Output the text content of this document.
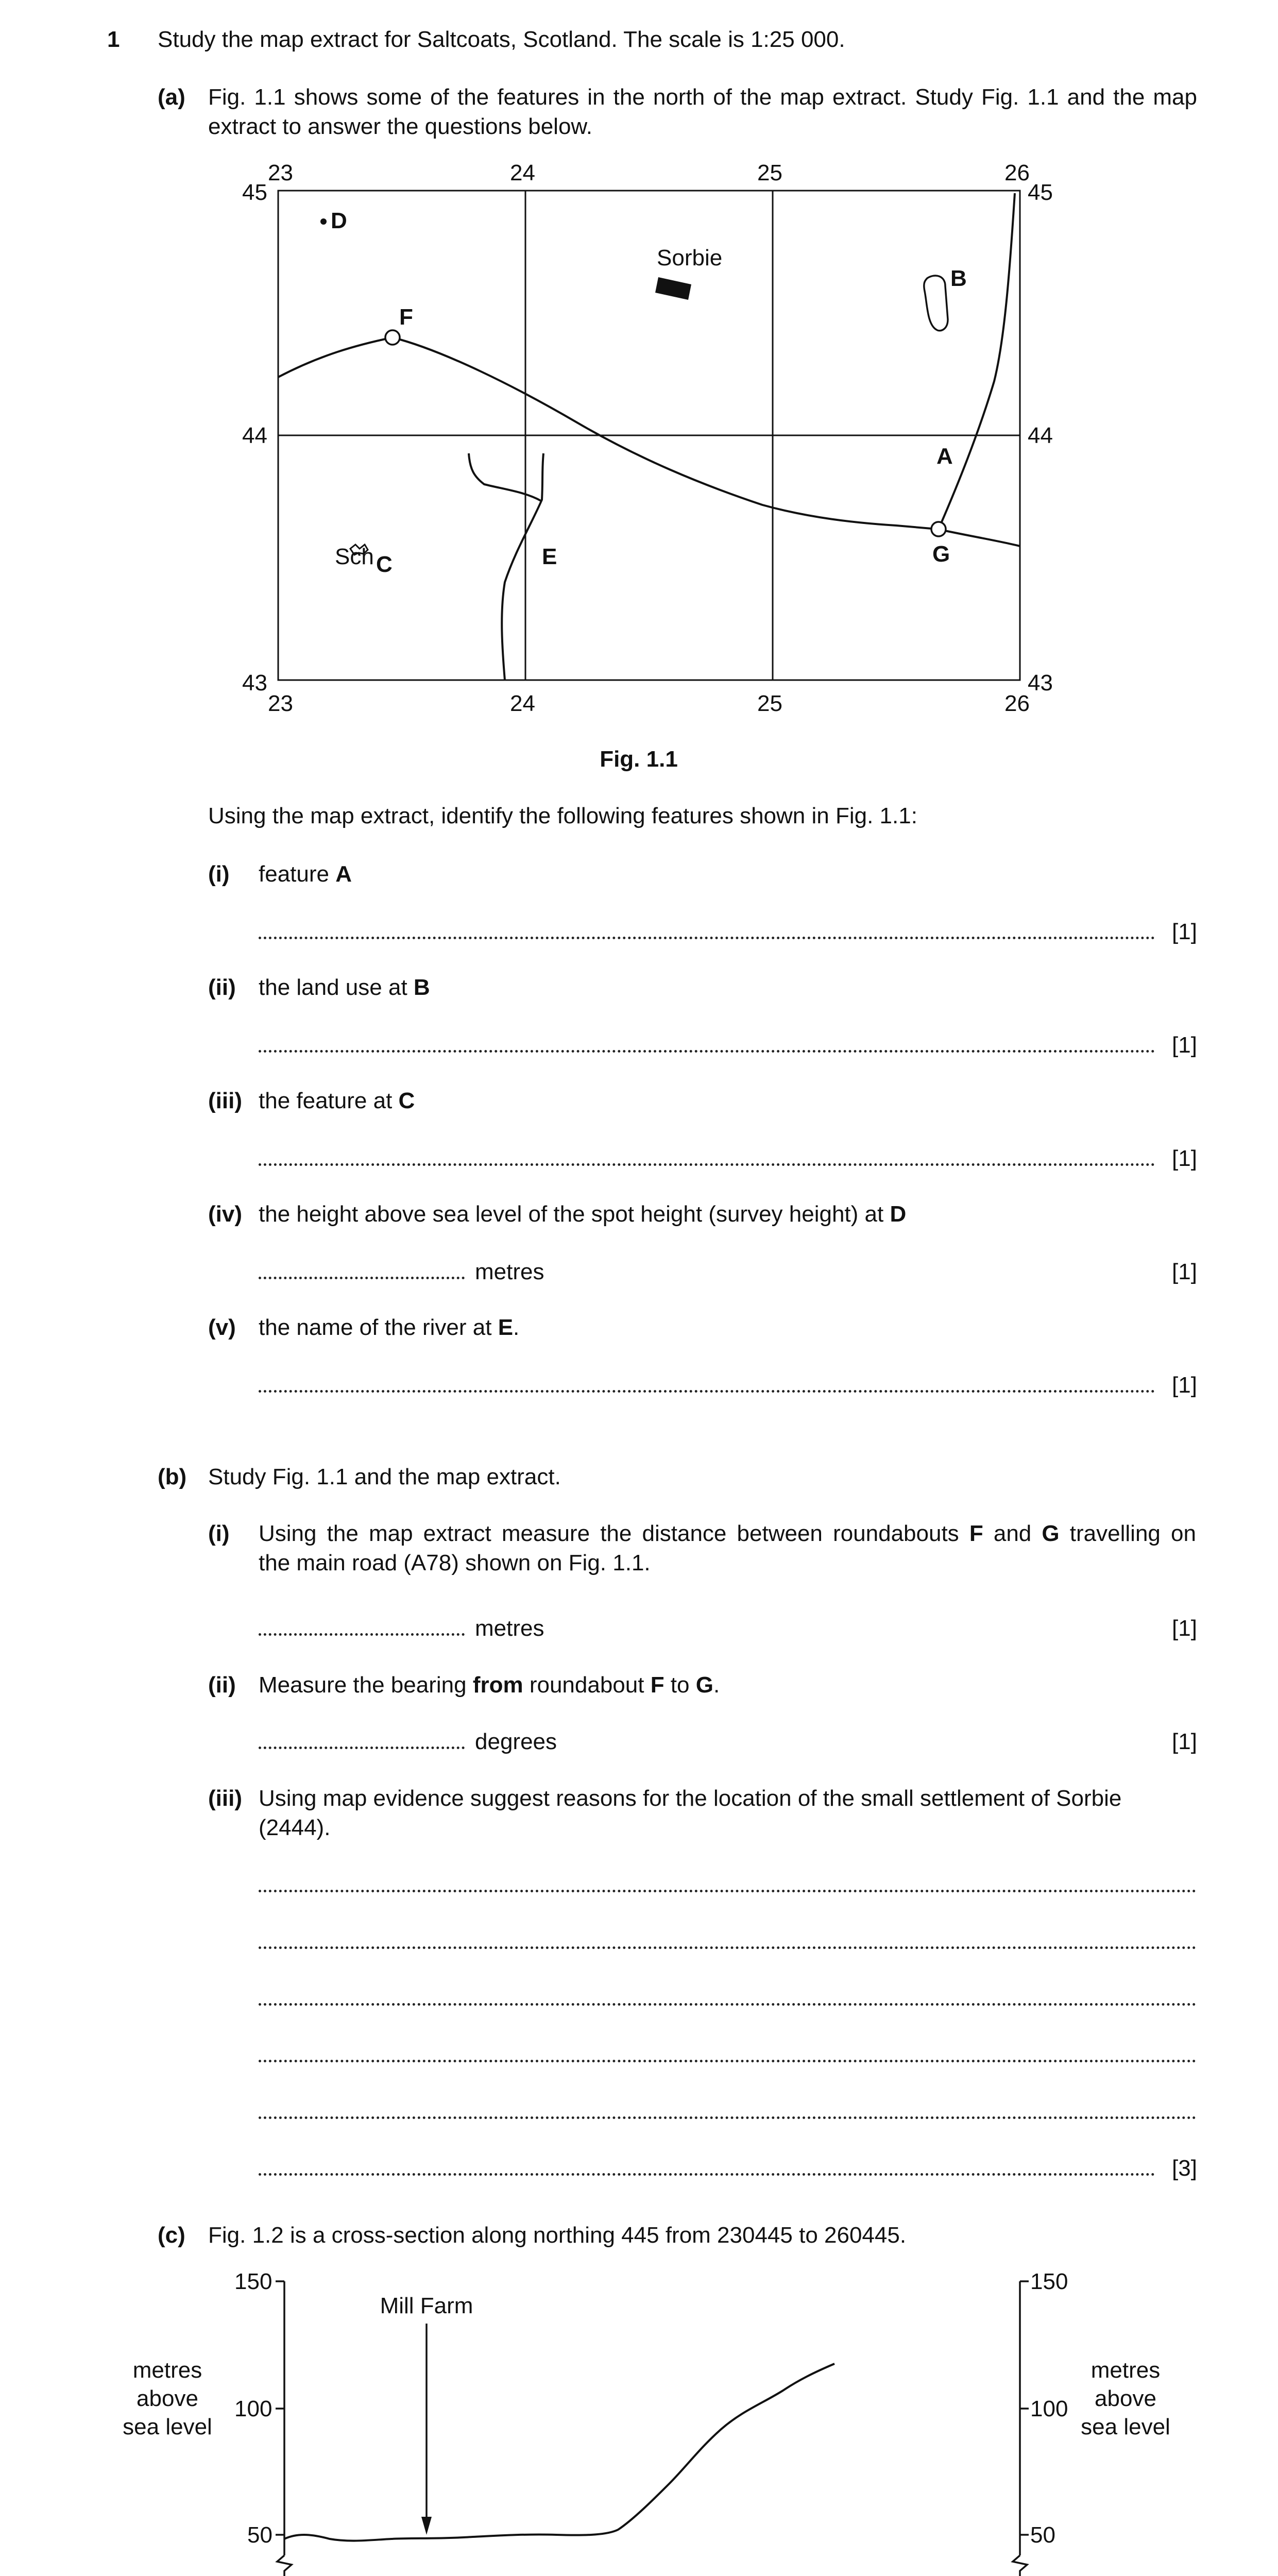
1 Study the map extract for Saltcoats, Scotland. The scale is 1:25 000.
(a) Fig. 1.1 shows some of the features in the north of the map extract. Study Fig. 1.1 and the map extract to answer the questions below.
23	24	25	26
23	24	25	26
45
44
43
45
44
43
Sorbie
Sch
D
F
B
A
G
C	E
Fig. 1.1
Using the map extract, identify the following features shown in Fig. 1.1:
(i) feature A
[1]
(ii) the land use at B
[1]
(iii) the feature at C
[1]
(iv) the height above sea level of the spot height (survey height) at D
metres	[1]
(v) the name of the river at E.
[1]
(b) Study Fig. 1.1 and the map extract.
(i) Using the map extract measure the distance between roundabouts F and G travelling on
the main road (A78) shown on Fig. 1.1.
metres	[1]
(ii) Measure the bearing from roundabout F to G.
degrees	[1]
(iii) Using map evidence suggest reasons for the location of the small settlement of Sorbie
(2444).
[3]
(c) Fig. 1.2 is a cross-section along northing 445 from 230445 to 260445.
150
100
50
150
100
50
metres
above
sea level
metres
above
sea level
Mill Farm
